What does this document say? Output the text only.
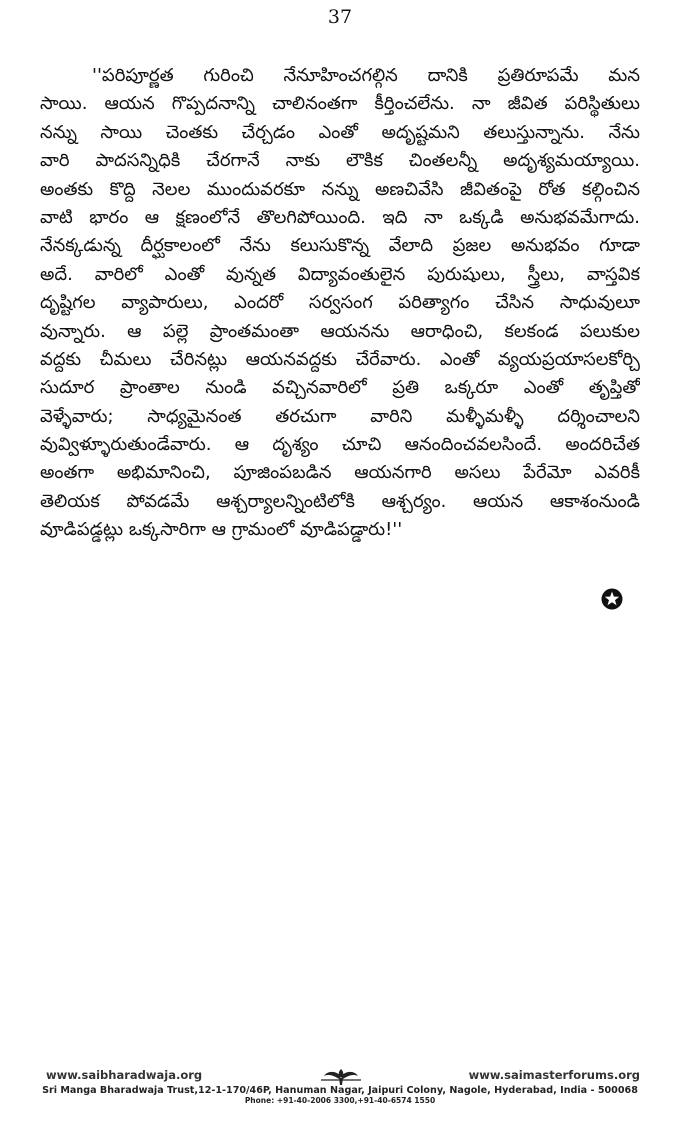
37
''పరిపూర్ణత గురించి నేనూహించగల్గిన దానికి ప్రతిరూపమే మన
సాయి. ఆయన గొప్పదనాన్ని చాలినంతగా కీర్తించలేను. నా జీవిత పరిస్థితులు
నన్ను సాయి చెంతకు చేర్చడం ఎంతో అదృష్టమని తలుస్తున్నాను. నేను
వారి పాదసన్నిధికి చేరగానే నాకు లౌకిక చింతలన్నీ అదృశ్యమయ్యాయి.
అంతకు కొద్ది నెలల ముందువరకూ నన్ను అణచివేసి జీవితంపై రోత కల్గించిన
వాటి భారం ఆ క్షణంలోనే తొలగిపోయింది. ఇది నా ఒక్కడి అనుభవమేగాదు.
నేనక్కడున్న దీర్ఘకాలంలో నేను కలుసుకొన్న వేలాది ప్రజల అనుభవం గూడా
అదే. వారిలో ఎంతో వున్నత విద్యావంతులైన పురుషులు, స్త్రీలు, వాస్తవిక
దృష్టిగల వ్యాపారులు, ఎందరో సర్వసంగ పరిత్యాగం చేసిన సాధువులూ
వున్నారు. ఆ పల్లె ప్రాంతమంతా ఆయనను ఆరాధించి, కలకండ పలుకుల
వద్దకు చీమలు చేరినట్లు ఆయనవద్దకు చేరేవారు. ఎంతో వ్యయప్రయాసలకోర్చి
సుదూర ప్రాంతాల నుండి వచ్చినవారిలో ప్రతి ఒక్కరూ ఎంతో తృప్తితో
వెళ్ళేవారు; సాధ్యమైనంత తరచుగా వారిని మళ్ళీమళ్ళీ దర్శించాలని
వువ్విళ్ళూరుతుండేవారు. ఆ దృశ్యం చూచి ఆనందించవలసిందే. అందరిచేత
అంతగా అభిమానించి, పూజింపబడిన ఆయనగారి అసలు పేరేమో ఎవరికీ
తెలియక పోవడమే ఆశ్చర్యాలన్నింటిలోకి ఆశ్చర్యం. ఆయన ఆకాశంనుండి
వూడిపడ్డట్లు ఒక్కసారిగా ఆ గ్రామంలో వూడిపడ్డారు!''
www.saibharadwaja.org	www.saimasterforums.org
Sri Manga Bharadwaja Trust,12-1-170/46P, Hanuman Nagar, Jaipuri Colony, Nagole, Hyderabad, India - 500068
Phone: +91-40-2006 3300,+91-40-6574 1550
